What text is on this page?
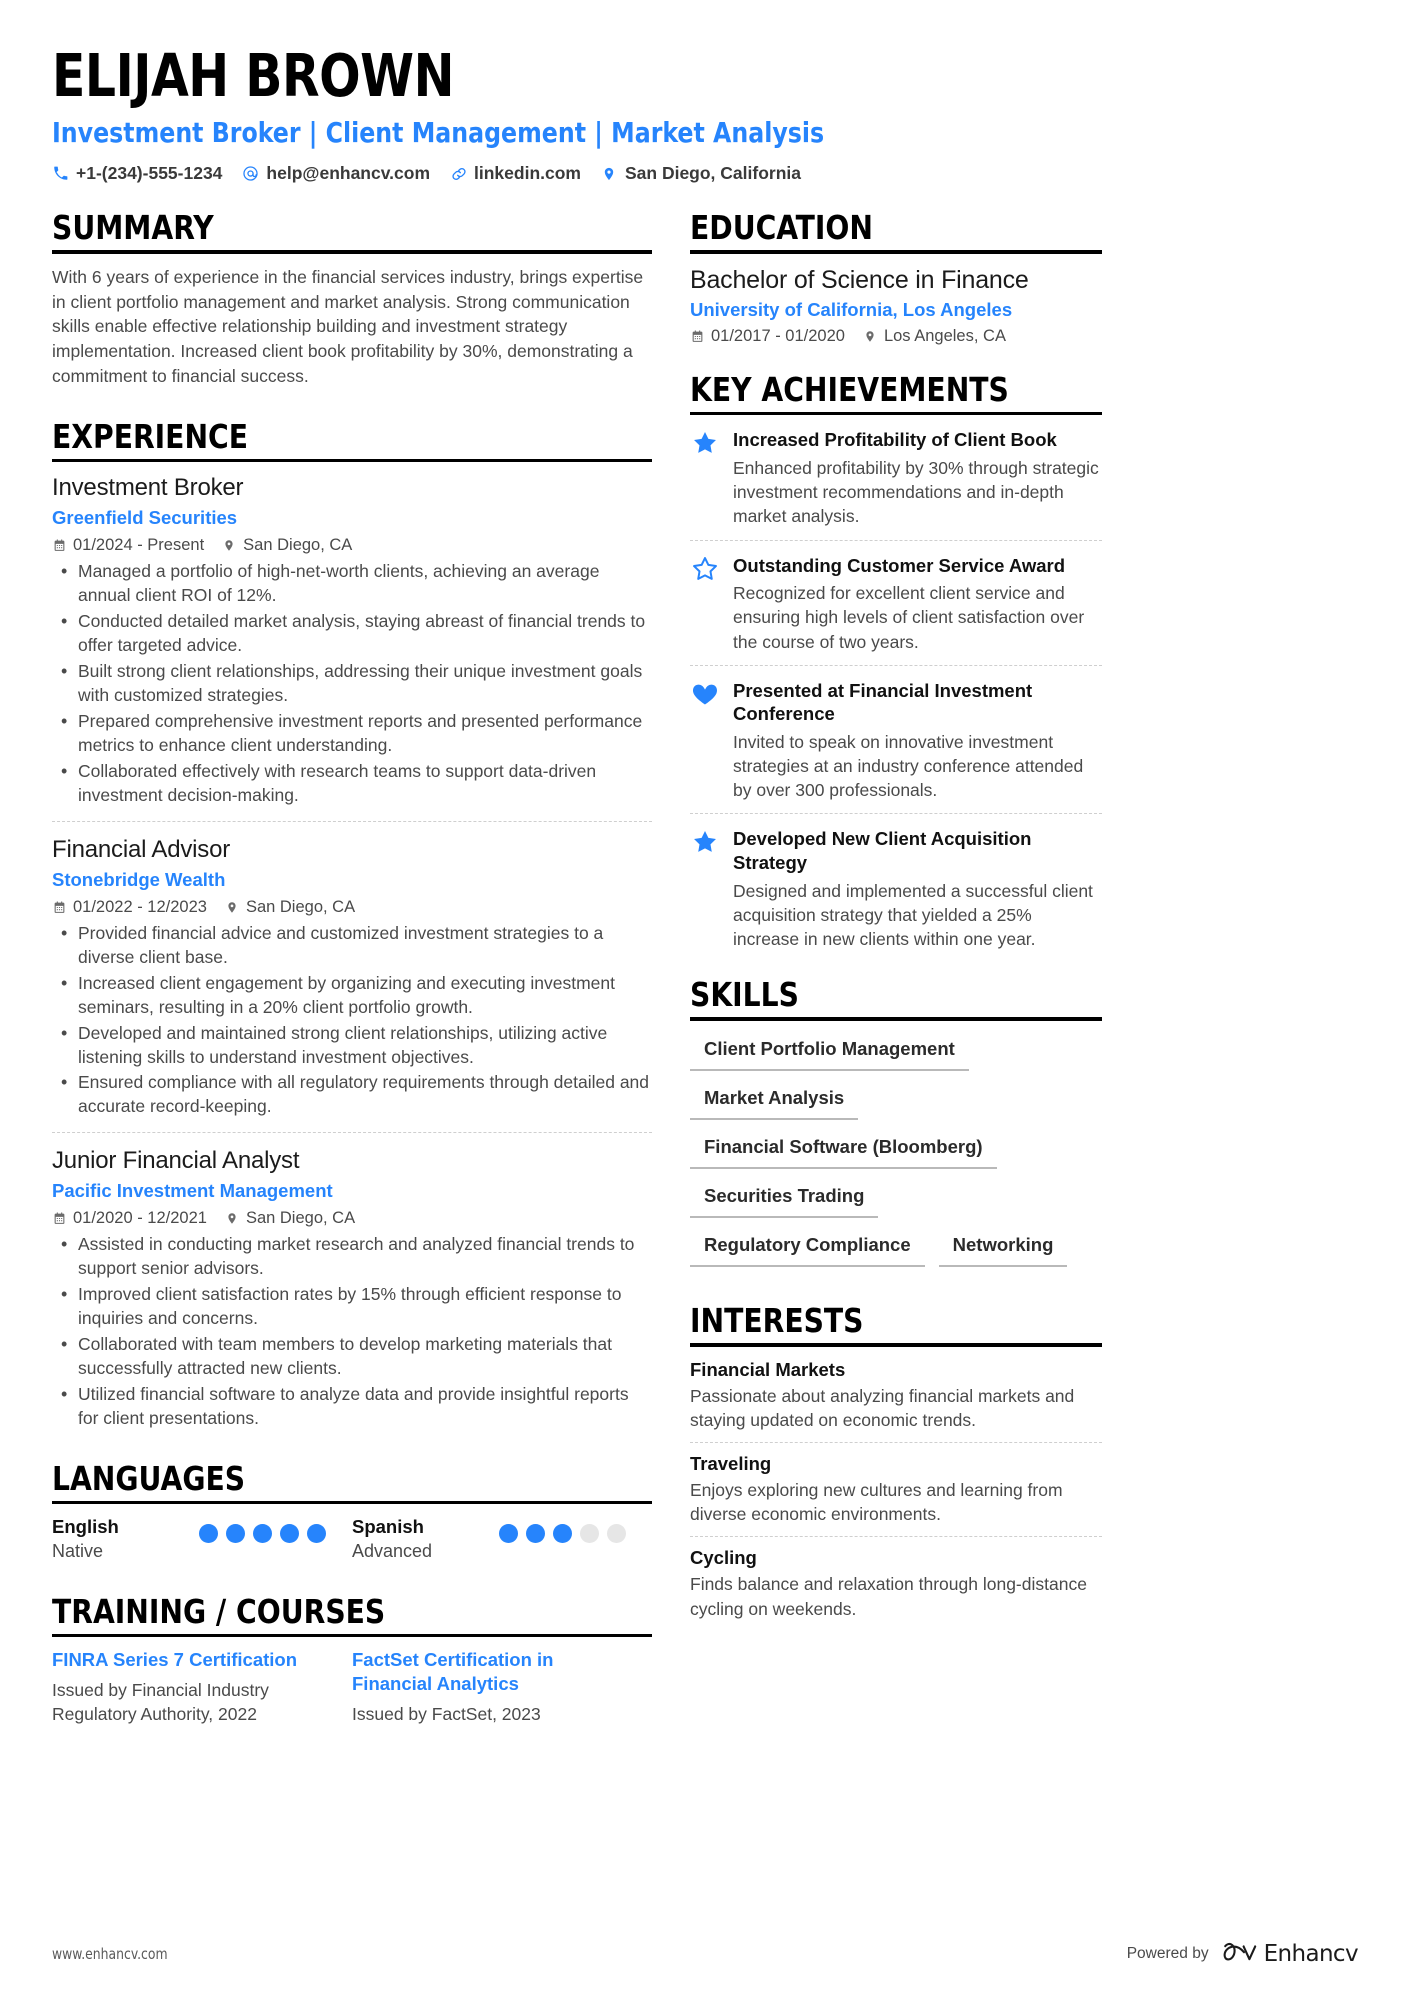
ELIJAH BROWN
Investment Broker | Client Management | Market Analysis
+1-(234)-555-1234	help@enhancv.com	linkedin.com	San Diego, California
SUMMARY
With 6 years of experience in the financial services industry, brings expertise in client portfolio management and market analysis. Strong communication skills enable effective relationship building and investment strategy implementation. Increased client book profitability by 30%, demonstrating a commitment to financial success.
EXPERIENCE
Investment Broker
Greenfield Securities
01/2024 - Present San Diego, CA
• Managed a portfolio of high-net-worth clients, achieving an average annual client ROI of 12%.
• Conducted detailed market analysis, staying abreast of financial trends to offer targeted advice.
• Built strong client relationships, addressing their unique investment goals with customized strategies.
• Prepared comprehensive investment reports and presented performance metrics to enhance client understanding.
• Collaborated effectively with research teams to support data-driven investment decision-making.
Financial Advisor
Stonebridge Wealth
01/2022 - 12/2023 San Diego, CA
• Provided financial advice and customized investment strategies to a diverse client base.
• Increased client engagement by organizing and executing investment seminars, resulting in a 20% client portfolio growth.
• Developed and maintained strong client relationships, utilizing active listening skills to understand investment objectives.
• Ensured compliance with all regulatory requirements through detailed and accurate record-keeping.
Junior Financial Analyst
Pacific Investment Management
01/2020 - 12/2021 San Diego, CA
• Assisted in conducting market research and analyzed financial trends to support senior advisors.
• Improved client satisfaction rates by 15% through efficient response to inquiries and concerns.
• Collaborated with team members to develop marketing materials that successfully attracted new clients.
• Utilized financial software to analyze data and provide insightful reports for client presentations.
LANGUAGES
English
Native
Spanish
Advanced
TRAINING / COURSES
FINRA Series 7 Certification
Issued by Financial Industry Regulatory Authority, 2022
FactSet Certification in Financial Analytics
Issued by FactSet, 2023
EDUCATION
Bachelor of Science in Finance
University of California, Los Angeles
01/2017 - 01/2020 Los Angeles, CA
KEY ACHIEVEMENTS
Increased Profitability of Client Book
Enhanced profitability by 30% through strategic investment recommendations and in-depth market analysis.
Outstanding Customer Service Award
Recognized for excellent client service and ensuring high levels of client satisfaction over the course of two years.
Presented at Financial Investment Conference
Invited to speak on innovative investment strategies at an industry conference attended by over 300 professionals.
Developed New Client Acquisition Strategy
Designed and implemented a successful client acquisition strategy that yielded a 25% increase in new clients within one year.
SKILLS
Client Portfolio Management
Market Analysis
Financial Software (Bloomberg)
Securities Trading
Regulatory Compliance	Networking
INTERESTS
Financial Markets
Passionate about analyzing financial markets and staying updated on economic trends.
Traveling
Enjoys exploring new cultures and learning from diverse economic environments.
Cycling
Finds balance and relaxation through long-distance cycling on weekends.
www.enhancv.com	Powered by Enhancv
